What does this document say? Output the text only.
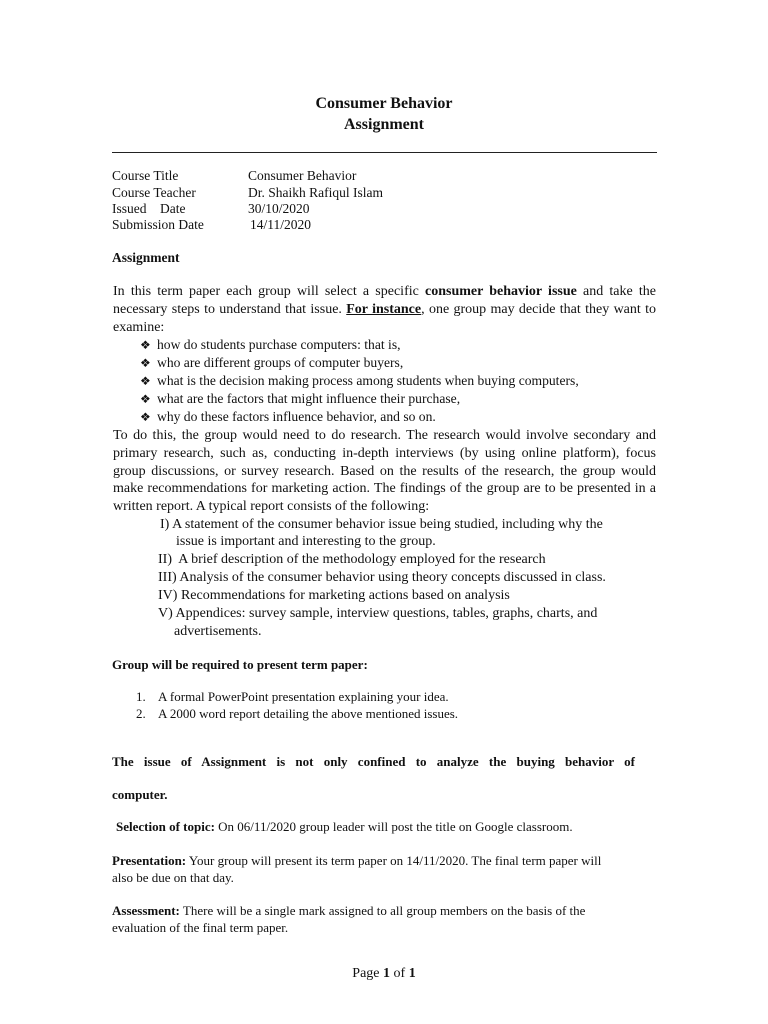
Consumer Behavior
Assignment
Course Title	Consumer Behavior
Course Teacher	Dr. Shaikh Rafiqul Islam
Issued    Date	30/10/2020
Submission Date	14/11/2020
Assignment
In this term paper each group will select a specific consumer behavior issue and take the necessary steps to understand that issue. For instance, one group may decide that they want to examine:
❖ how do students purchase computers: that is,
❖ who are different groups of computer buyers,
❖ what is the decision making process among students when buying computers,
❖ what are the factors that might influence their purchase,
❖ why do these factors influence behavior, and so on.
To do this, the group would need to do research. The research would involve secondary and primary research, such as, conducting in-depth interviews (by using online platform), focus group discussions, or survey research. Based on the results of the research, the group would make recommendations for marketing action. The findings of the group are to be presented in a written report. A typical report consists of the following:
I) A statement of the consumer behavior issue being studied, including why the
issue is important and interesting to the group.
II) A brief description of the methodology employed for the research
III) Analysis of the consumer behavior using theory concepts discussed in class.
IV) Recommendations for marketing actions based on analysis
V) Appendices: survey sample, interview questions, tables, graphs, charts, and
advertisements.
Group will be required to present term paper:
1. A formal PowerPoint presentation explaining your idea.
2. A 2000 word report detailing the above mentioned issues.
The issue of Assignment is not only confined to analyze the buying behavior of
computer.
Selection of topic: On 06/11/2020 group leader will post the title on Google classroom.
Presentation: Your group will present its term paper on 14/11/2020. The final term paper will
also be due on that day.
Assessment: There will be a single mark assigned to all group members on the basis of the
evaluation of the final term paper.
Page 1 of 1
